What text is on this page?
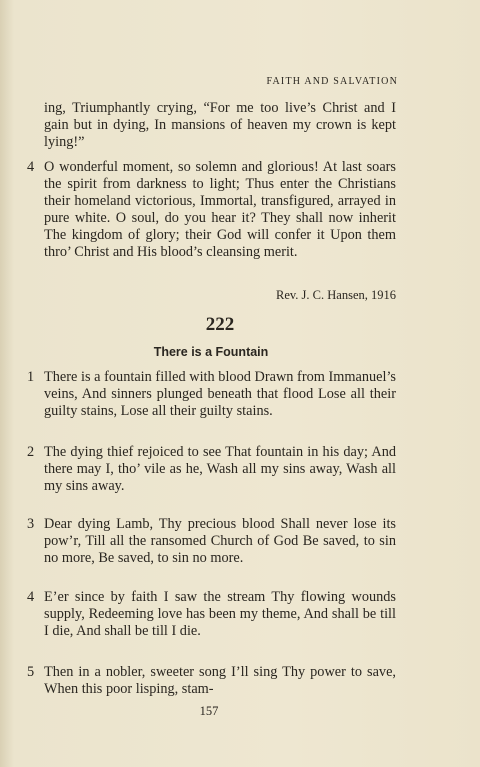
FAITH AND SALVATION

ing, Triumphantly crying, “For me too live’s Christ and I gain but in dying, In mansions of heaven my crown is kept lying!”

4 O wonderful moment, so solemn and glorious! At last soars the spirit from darkness to light; Thus enter the Christians their homeland victorious, Immortal, transfigured, arrayed in pure white. O soul, do you hear it? They shall now inherit The kingdom of glory; their God will confer it Upon them thro’ Christ and His blood’s cleansing merit.
Rev. J. C. Hansen, 1916
222
There is a Fountain
1 There is a fountain filled with blood Drawn from Immanuel’s veins, And sinners plunged beneath that flood Lose all their guilty stains, Lose all their guilty stains.
2 The dying thief rejoiced to see That fountain in his day; And there may I, tho’ vile as he, Wash all my sins away, Wash all my sins away.
3 Dear dying Lamb, Thy precious blood Shall never lose its pow’r, Till all the ransomed Church of God Be saved, to sin no more, Be saved, to sin no more.
4 E’er since by faith I saw the stream Thy flowing wounds supply, Redeeming love has been my theme, And shall be till I die, And shall be till I die.
5 Then in a nobler, sweeter song I’ll sing Thy power to save, When this poor lisping, stam-
157
